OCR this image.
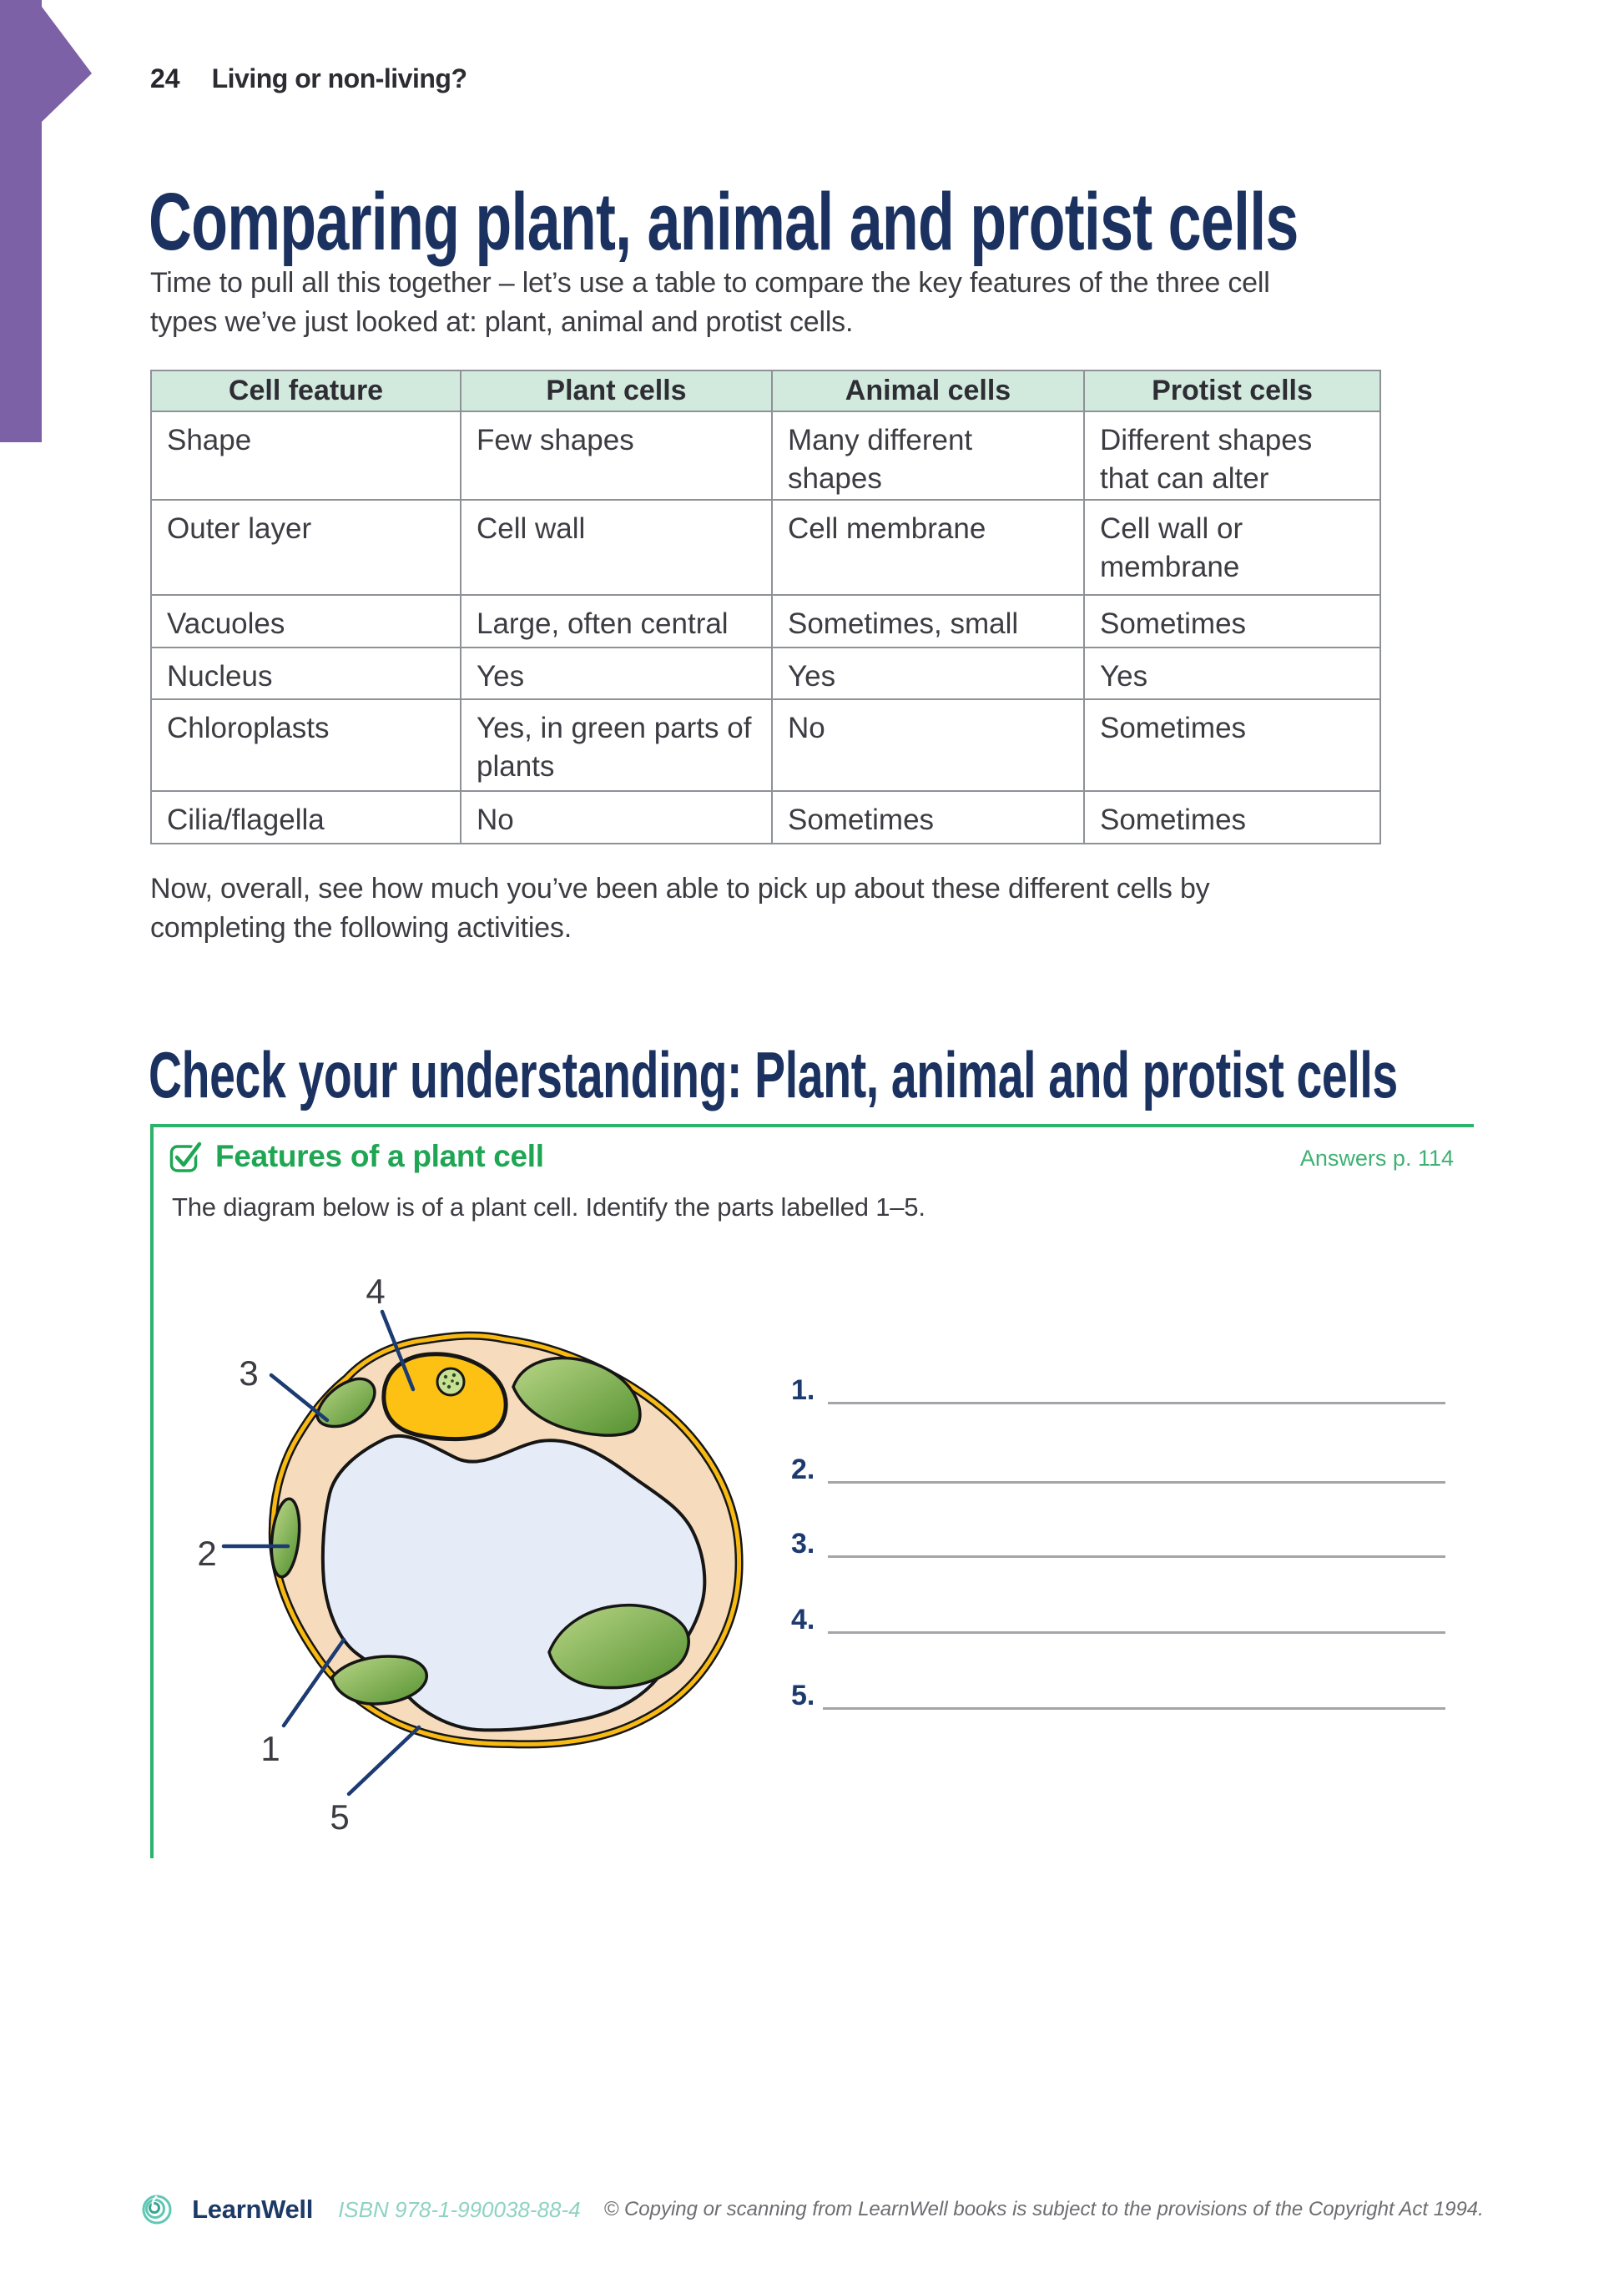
24 Living or non-living?
Comparing plant, animal and protist cells
Time to pull all this together – let’s use a table to compare the key features of the three cell
types we’ve just looked at: plant, animal and protist cells.
Cell feature	Plant cells	Animal cells	Protist cells
Shape	Few shapes	Many different shapes	Different shapes that can alter
Outer layer	Cell wall	Cell membrane	Cell wall or membrane
Vacuoles	Large, often central	Sometimes, small	Sometimes
Nucleus	Yes	Yes	Yes
Chloroplasts	Yes, in green parts of plants	No	Sometimes
Cilia/flagella	No	Sometimes	Sometimes
Now, overall, see how much you’ve been able to pick up about these different cells by
completing the following activities.
Check your understanding: Plant, animal and protist cells
Features of a plant cell	Answers p. 114
The diagram below is of a plant cell. Identify the parts labelled 1–5.
4
3
2
1
5
1.
2.
3.
4.
5.
LearnWell ISBN 978-1-990038-88-4 © Copying or scanning from LearnWell books is subject to the provisions of the Copyright Act 1994.
